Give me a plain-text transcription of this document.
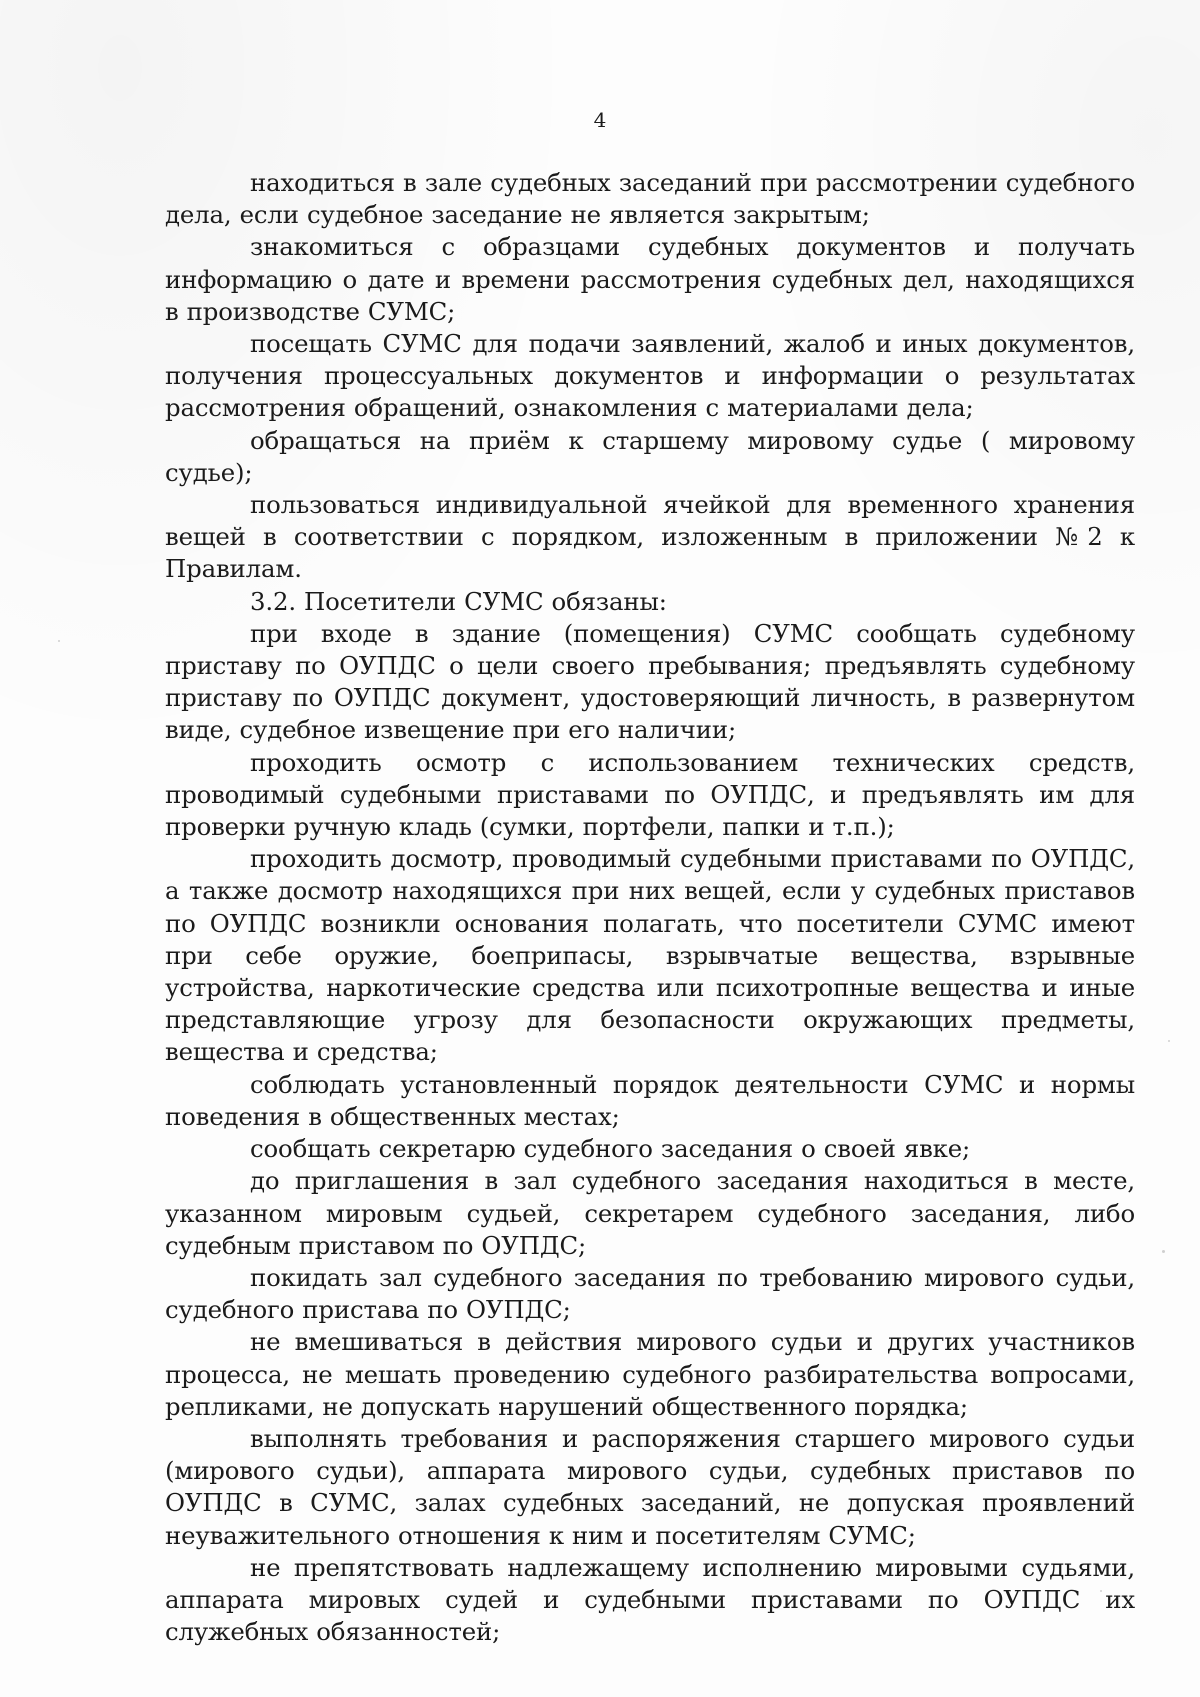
4

находиться в зале судебных заседаний при рассмотрении судебного дела, если судебное заседание не является закрытым;

знакомиться с образцами судебных документов и получать информацию о дате и времени рассмотрения судебных дел, находящихся в производстве СУМС;

посещать СУМС для подачи заявлений, жалоб и иных документов, получения процессуальных документов и информации о результатах рассмотрения обращений, ознакомления с материалами дела;

обращаться на приём к старшему мировому судье ( мировому судье);

пользоваться индивидуальной ячейкой для временного хранения вещей в соответствии с порядком, изложенным в приложении №2 к Правилам.

3.2. Посетители СУМС обязаны:

при входе в здание (помещения) СУМС сообщать судебному приставу по ОУПДС о цели своего пребывания; предъявлять судебному приставу по ОУПДС документ, удостоверяющий личность, в развернутом виде, судебное извещение при его наличии;

проходить осмотр с использованием технических средств, проводимый судебными приставами по ОУПДС, и предъявлять им для проверки ручную кладь (сумки, портфели, папки и т.п.);

проходить досмотр, проводимый судебными приставами по ОУПДС, а также досмотр находящихся при них вещей, если у судебных приставов по ОУПДС возникли основания полагать, что посетители СУМС имеют при себе оружие, боеприпасы, взрывчатые вещества, взрывные устройства, наркотические средства или психотропные вещества и иные представляющие угрозу для безопасности окружающих предметы, вещества и средства;

соблюдать установленный порядок деятельности СУМС и нормы поведения в общественных местах;

сообщать секретарю судебного заседания о своей явке;

до приглашения в зал судебного заседания находиться в месте, указанном мировым судьей, секретарем судебного заседания, либо судебным приставом по ОУПДС;

покидать зал судебного заседания по требованию мирового судьи, судебного пристава по ОУПДС;

не вмешиваться в действия мирового судьи и других участников процесса, не мешать проведению судебного разбирательства вопросами, репликами, не допускать нарушений общественного порядка;

выполнять требования и распоряжения старшего мирового судьи (мирового судьи), аппарата мирового судьи, судебных приставов по ОУПДС в СУМС, залах судебных заседаний, не допуская проявлений неуважительного отношения к ним и посетителям СУМС;

не препятствовать надлежащему исполнению мировыми судьями, аппарата мировых судей и судебными приставами по ОУПДС их служебных обязанностей;
